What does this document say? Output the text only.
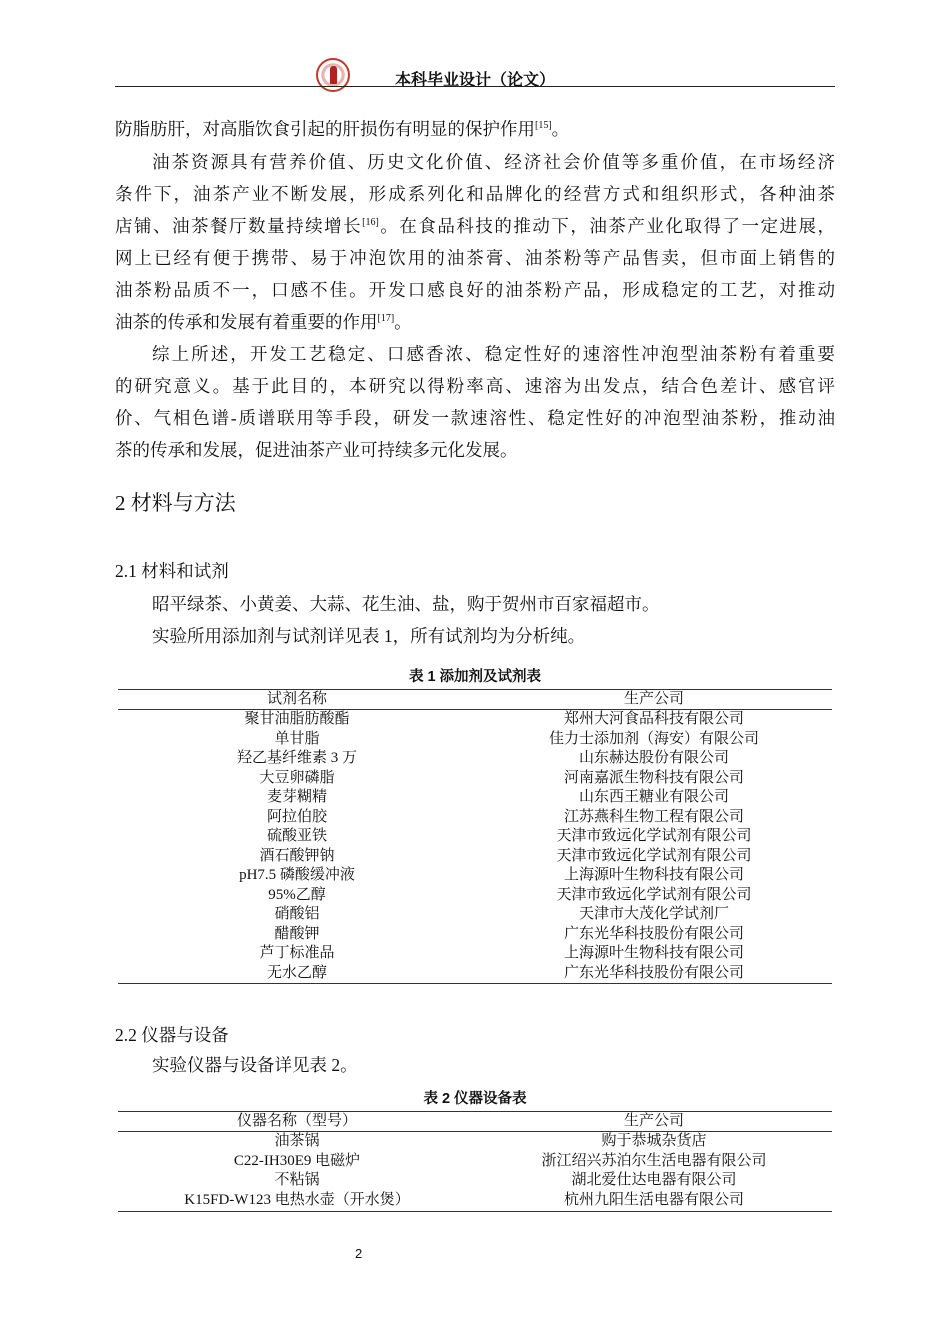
本科毕业设计（论文）
防脂肪肝，对高脂饮食引起的肝损伤有明显的保护作用[15]。
油茶资源具有营养价值、历史文化价值、经济社会价值等多重价值，在市场经济
条件下，油茶产业不断发展，形成系列化和品牌化的经营方式和组织形式，各种油茶
店铺、油茶餐厅数量持续增长[16]。在食品科技的推动下，油茶产业化取得了一定进展，
网上已经有便于携带、易于冲泡饮用的油茶膏、油茶粉等产品售卖，但市面上销售的
油茶粉品质不一，口感不佳。开发口感良好的油茶粉产品，形成稳定的工艺，对推动
油茶的传承和发展有着重要的作用[17]。
综上所述，开发工艺稳定、口感香浓、稳定性好的速溶性冲泡型油茶粉有着重要
的研究意义。基于此目的，本研究以得粉率高、速溶为出发点，结合色差计、感官评
价、气相色谱-质谱联用等手段，研发一款速溶性、稳定性好的冲泡型油茶粉，推动油
茶的传承和发展，促进油茶产业可持续多元化发展。
2 材料与方法
2.1 材料和试剂
昭平绿茶、小黄姜、大蒜、花生油、盐，购于贺州市百家福超市。
实验所用添加剂与试剂详见表 1，所有试剂均为分析纯。
表 1 添加剂及试剂表
试剂名称	生产公司
聚甘油脂肪酸酯	郑州大河食品科技有限公司
单甘脂	佳力士添加剂（海安）有限公司
羟乙基纤维素 3 万	山东赫达股份有限公司
大豆卵磷脂	河南嘉派生物科技有限公司
麦芽糊精	山东西王糖业有限公司
阿拉伯胶	江苏燕科生物工程有限公司
硫酸亚铁	天津市致远化学试剂有限公司
酒石酸钾钠	天津市致远化学试剂有限公司
pH7.5 磷酸缓冲液	上海源叶生物科技有限公司
95%乙醇	天津市致远化学试剂有限公司
硝酸铝	天津市大茂化学试剂厂
醋酸钾	广东光华科技股份有限公司
芦丁标准品	上海源叶生物科技有限公司
无水乙醇	广东光华科技股份有限公司
2.2 仪器与设备
实验仪器与设备详见表 2。
表 2 仪器设备表
仪器名称（型号）	生产公司
油茶锅	购于恭城杂货店
C22-IH30E9 电磁炉	浙江绍兴苏泊尔生活电器有限公司
不粘锅	湖北爱仕达电器有限公司
K15FD-W123 电热水壶（开水煲）	杭州九阳生活电器有限公司
2
